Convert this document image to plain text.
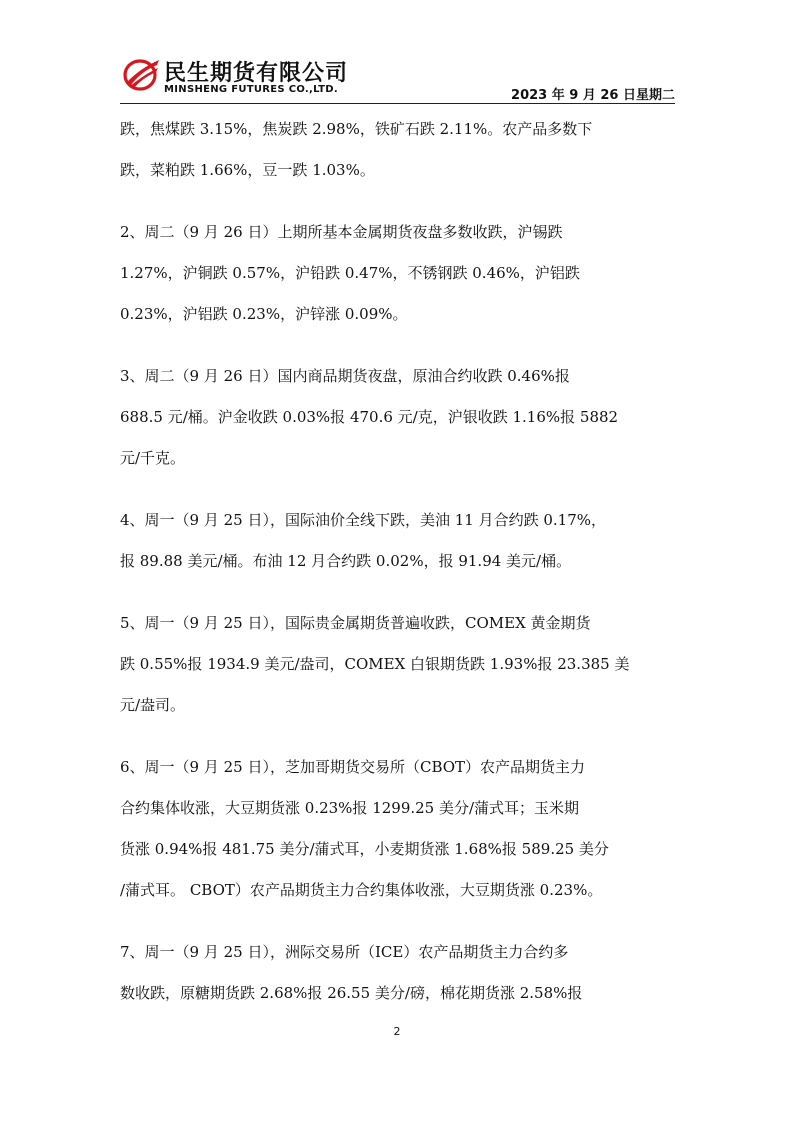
民生期货有限公司
MINSHENG FUTURES CO.,LTD.	2023 年 9 月 26 日星期二
跌，焦煤跌 3.15%，焦炭跌 2.98%，铁矿石跌 2.11%。农产品多数下
跌，菜粕跌 1.66%，豆一跌 1.03%。
2、周二（9 月 26 日）上期所基本金属期货夜盘多数收跌，沪锡跌
1.27%，沪铜跌 0.57%，沪铅跌 0.47%，不锈钢跌 0.46%，沪铝跌
0.23%，沪铝跌 0.23%，沪锌涨 0.09%。
3、周二（9 月 26 日）国内商品期货夜盘，原油合约收跌 0.46%报
688.5 元/桶。沪金收跌 0.03%报 470.6 元/克，沪银收跌 1.16%报 5882
元/千克。
4、周一（9 月 25 日），国际油价全线下跌，美油 11 月合约跌 0.17%，
报 89.88 美元/桶。布油 12 月合约跌 0.02%，报 91.94 美元/桶。
5、周一（9 月 25 日），国际贵金属期货普遍收跌，COMEX 黄金期货
跌 0.55%报 1934.9 美元/盎司，COMEX 白银期货跌 1.93%报 23.385 美
元/盎司。
6、周一（9 月 25 日），芝加哥期货交易所（CBOT）农产品期货主力
合约集体收涨，大豆期货涨 0.23%报 1299.25 美分/蒲式耳；玉米期
货涨 0.94%报 481.75 美分/蒲式耳，小麦期货涨 1.68%报 589.25 美分
/蒲式耳。 CBOT）农产品期货主力合约集体收涨，大豆期货涨 0.23%。
7、周一（9 月 25 日），洲际交易所（ICE）农产品期货主力合约多
数收跌，原糖期货跌 2.68%报 26.55 美分/磅，棉花期货涨 2.58%报
2
